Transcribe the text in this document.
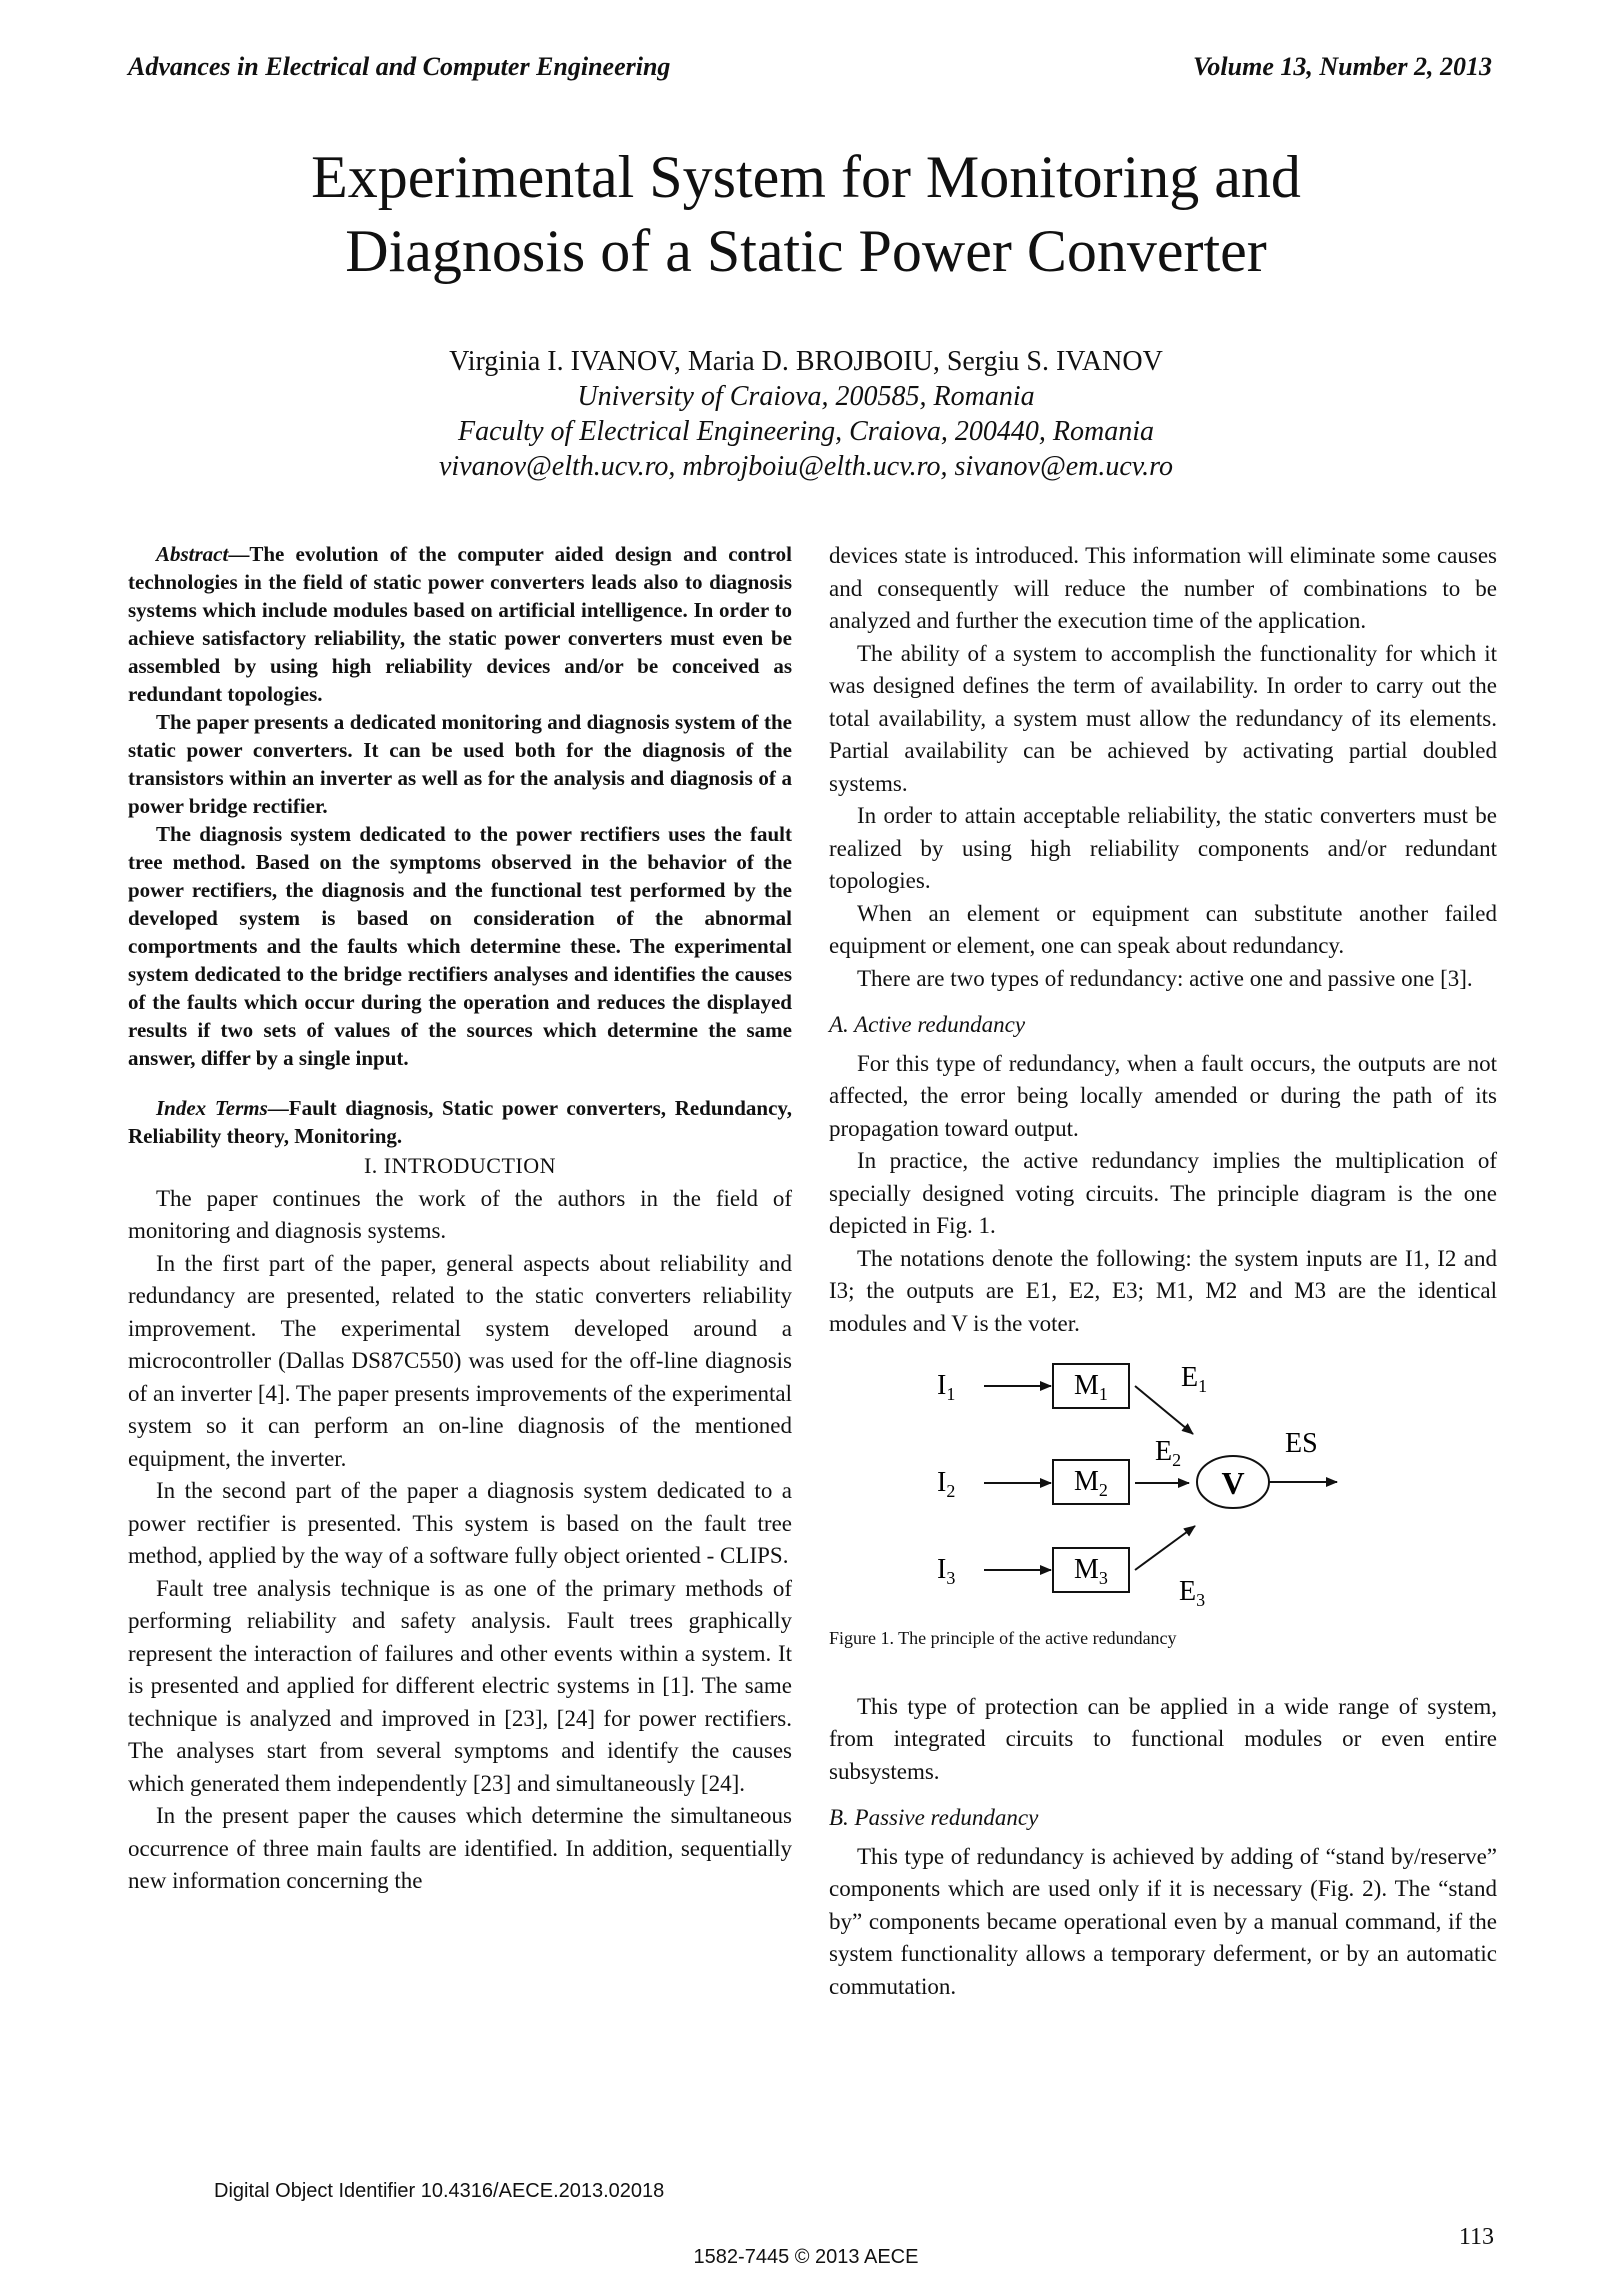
Advances in Electrical and Computer Engineering	Volume 13, Number 2, 2013
Experimental System for Monitoring and
Diagnosis of a Static Power Converter
Virginia I. IVANOV, Maria D. BROJBOIU, Sergiu S. IVANOV
University of Craiova, 200585, Romania
Faculty of Electrical Engineering, Craiova, 200440, Romania
vivanov@elth.ucv.ro, mbrojboiu@elth.ucv.ro, sivanov@em.ucv.ro

Abstract—The evolution of the computer aided design and control technologies in the field of static power converters leads also to diagnosis systems which include modules based on artificial intelligence. In order to achieve satisfactory reliability, the static power converters must even be assembled by using high reliability devices and/or be conceived as redundant topologies.

The paper presents a dedicated monitoring and diagnosis system of the static power converters. It can be used both for the diagnosis of the transistors within an inverter as well as for the analysis and diagnosis of a power bridge rectifier.

The diagnosis system dedicated to the power rectifiers uses the fault tree method. Based on the symptoms observed in the behavior of the power rectifiers, the diagnosis and the functional test performed by the developed system is based on consideration of the abnormal comportments and the faults which determine these. The experimental system dedicated to the bridge rectifiers analyses and identifies the causes of the faults which occur during the operation and reduces the displayed results if two sets of values of the sources which determine the same answer, differ by a single input.

Index Terms—Fault diagnosis, Static power converters, Redundancy, Reliability theory, Monitoring.

I. INTRODUCTION

The paper continues the work of the authors in the field of monitoring and diagnosis systems.

In the first part of the paper, general aspects about reliability and redundancy are presented, related to the static converters reliability improvement. The experimental system developed around a microcontroller (Dallas DS87C550) was used for the off-line diagnosis of an inverter [4]. The paper presents improvements of the experimental system so it can perform an on-line diagnosis of the mentioned equipment, the inverter.

In the second part of the paper a diagnosis system dedicated to a power rectifier is presented. This system is based on the fault tree method, applied by the way of a software fully object oriented - CLIPS.

Fault tree analysis technique is as one of the primary methods of performing reliability and safety analysis. Fault trees graphically represent the interaction of failures and other events within a system. It is presented and applied for different electric systems in [1]. The same technique is analyzed and improved in [23], [24] for power rectifiers. The analyses start from several symptoms and identify the causes which generated them independently [23] and simultaneously [24].

In the present paper the causes which determine the simultaneous occurrence of three main faults are identified. In addition, sequentially new information concerning the

devices state is introduced. This information will eliminate some causes and consequently will reduce the number of combinations to be analyzed and further the execution time of the application.

The ability of a system to accomplish the functionality for which it was designed defines the term of availability. In order to carry out the total availability, a system must allow the redundancy of its elements. Partial availability can be achieved by activating partial doubled systems.

In order to attain acceptable reliability, the static converters must be realized by using high reliability components and/or redundant topologies.

When an element or equipment can substitute another failed equipment or element, one can speak about redundancy.

There are two types of redundancy: active one and passive one [3].

A. Active redundancy

For this type of redundancy, when a fault occurs, the outputs are not affected, the error being locally amended or during the path of its propagation toward output.

In practice, the active redundancy implies the multiplication of specially designed voting circuits. The principle diagram is the one depicted in Fig. 1.

The notations denote the following: the system inputs are I1, I2 and I3; the outputs are E1, E2, E3; M1, M2 and M3 are the identical modules and V is the voter.

$I_1$
$I_2$
$I_3$
$M_1$
$M_2$
$M_3$
$E_1$
$E_2$
$E_3$
V
ES

Figure 1. The principle of the active redundancy

This type of protection can be applied in a wide range of system, from integrated circuits to functional modules or even entire subsystems.

B. Passive redundancy

This type of redundancy is achieved by adding of “stand by/reserve” components which are used only if it is necessary (Fig. 2). The “stand by” components became operational even by a manual command, if the system functionality allows a temporary deferment, or by an automatic commutation.

Digital Object Identifier 10.4316/AECE.2013.02018
113
1582-7445 © 2013 AECE
